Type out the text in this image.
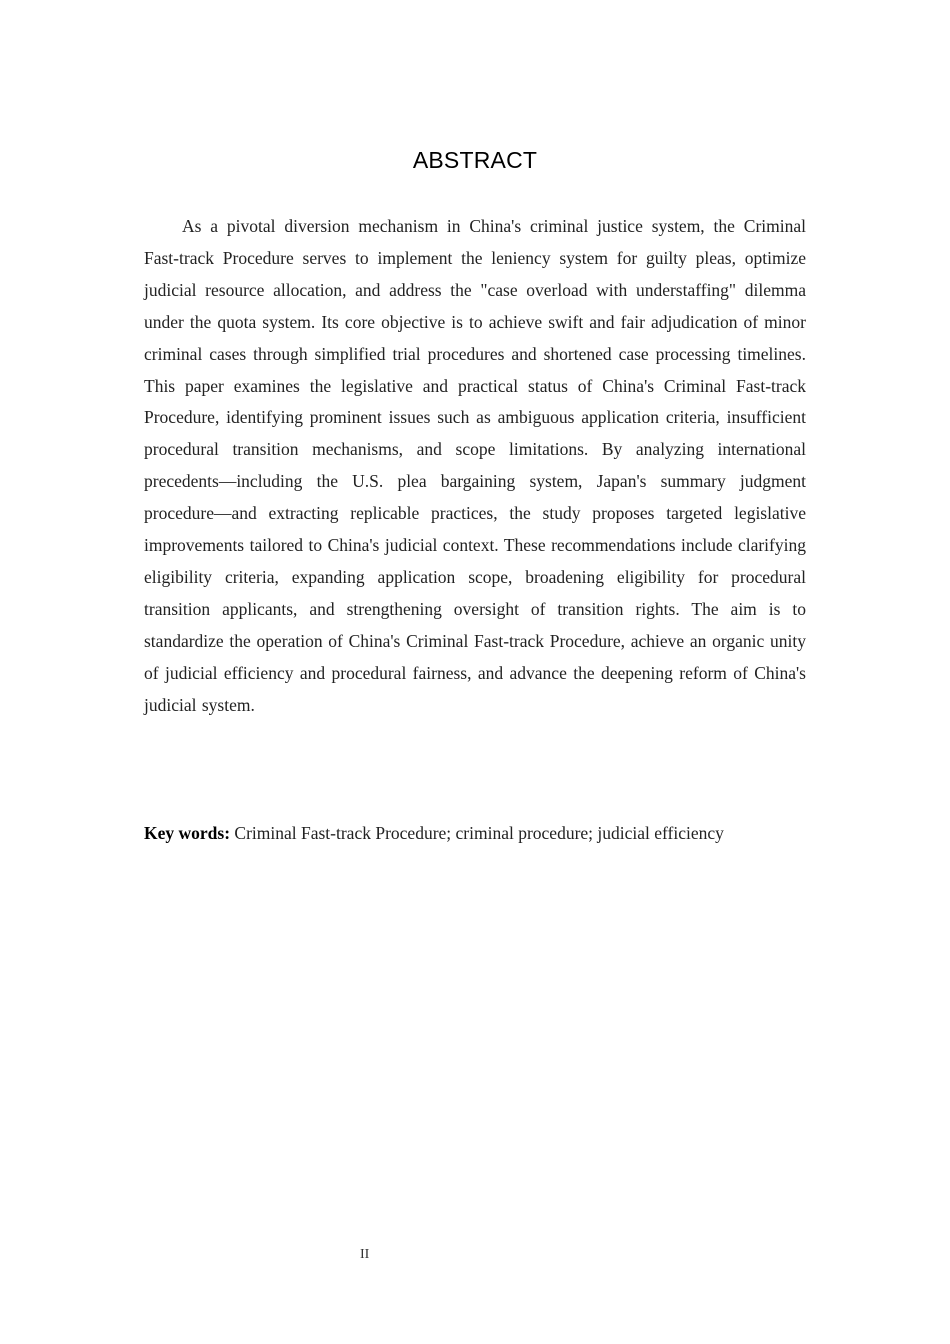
ABSTRACT

As a pivotal diversion mechanism in China's criminal justice system, the Criminal Fast-track Procedure serves to implement the leniency system for guilty pleas, optimize judicial resource allocation, and address the "case overload with understaffing" dilemma under the quota system. Its core objective is to achieve swift and fair adjudication of minor criminal cases through simplified trial procedures and shortened case processing timelines. This paper examines the legislative and practical status of China's Criminal Fast-track Procedure, identifying prominent issues such as ambiguous application criteria, insufficient procedural transition mechanisms, and scope limitations. By analyzing international precedents—including the U.S. plea bargaining system, Japan's summary judgment procedure—and extracting replicable practices, the study proposes targeted legislative improvements tailored to China's judicial context. These recommendations include clarifying eligibility criteria, expanding application scope, broadening eligibility for procedural transition applicants, and strengthening oversight of transition rights. The aim is to standardize the operation of China's Criminal Fast-track Procedure, achieve an organic unity of judicial efficiency and procedural fairness, and advance the deepening reform of China's judicial system.

Key words: Criminal Fast-track Procedure; criminal procedure; judicial efficiency

II
